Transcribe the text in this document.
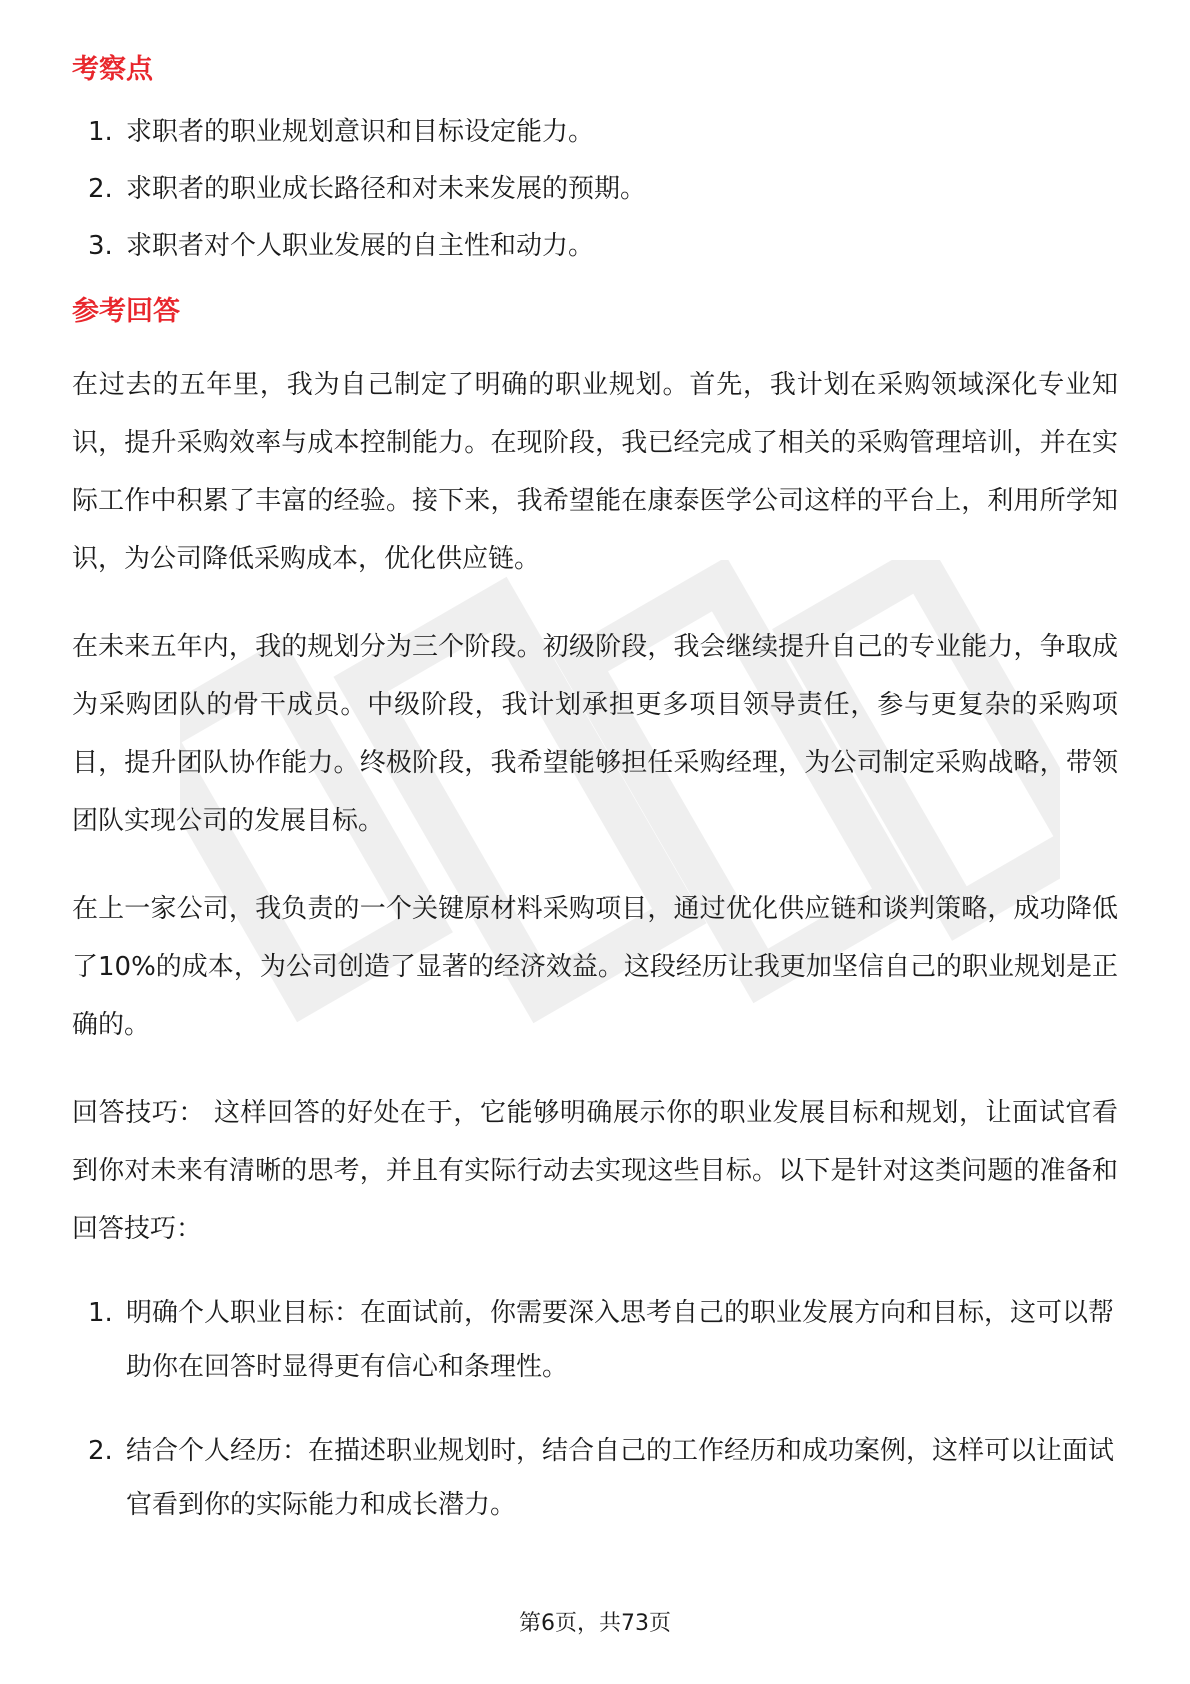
考察点
1. 求职者的职业规划意识和目标设定能力。
2. 求职者的职业成长路径和对未来发展的预期。
3. 求职者对个人职业发展的自主性和动力。
参考回答

在过去的五年里，我为自己制定了明确的职业规划。首先，我计划在采购领域深化专业知识，提升采购效率与成本控制能力。在现阶段，我已经完成了相关的采购管理培训，并在实际工作中积累了丰富的经验。接下来，我希望能在康泰医学公司这样的平台上，利用所学知识，为公司降低采购成本，优化供应链。

在未来五年内，我的规划分为三个阶段。初级阶段，我会继续提升自己的专业能力，争取成为采购团队的骨干成员。中级阶段，我计划承担更多项目领导责任，参与更复杂的采购项目，提升团队协作能力。终极阶段，我希望能够担任采购经理，为公司制定采购战略，带领团队实现公司的发展目标。

在上一家公司，我负责的一个关键原材料采购项目，通过优化供应链和谈判策略，成功降低了10%的成本，为公司创造了显著的经济效益。这段经历让我更加坚信自己的职业规划是正确的。

回答技巧： 这样回答的好处在于，它能够明确展示你的职业发展目标和规划，让面试官看到你对未来有清晰的思考，并且有实际行动去实现这些目标。以下是针对这类问题的准备和回答技巧：

1. 明确个人职业目标：在面试前，你需要深入思考自己的职业发展方向和目标，这可以帮助你在回答时显得更有信心和条理性。
2. 结合个人经历：在描述职业规划时，结合自己的工作经历和成功案例，这样可以让面试官看到你的实际能力和成长潜力。
第6页，共73页
